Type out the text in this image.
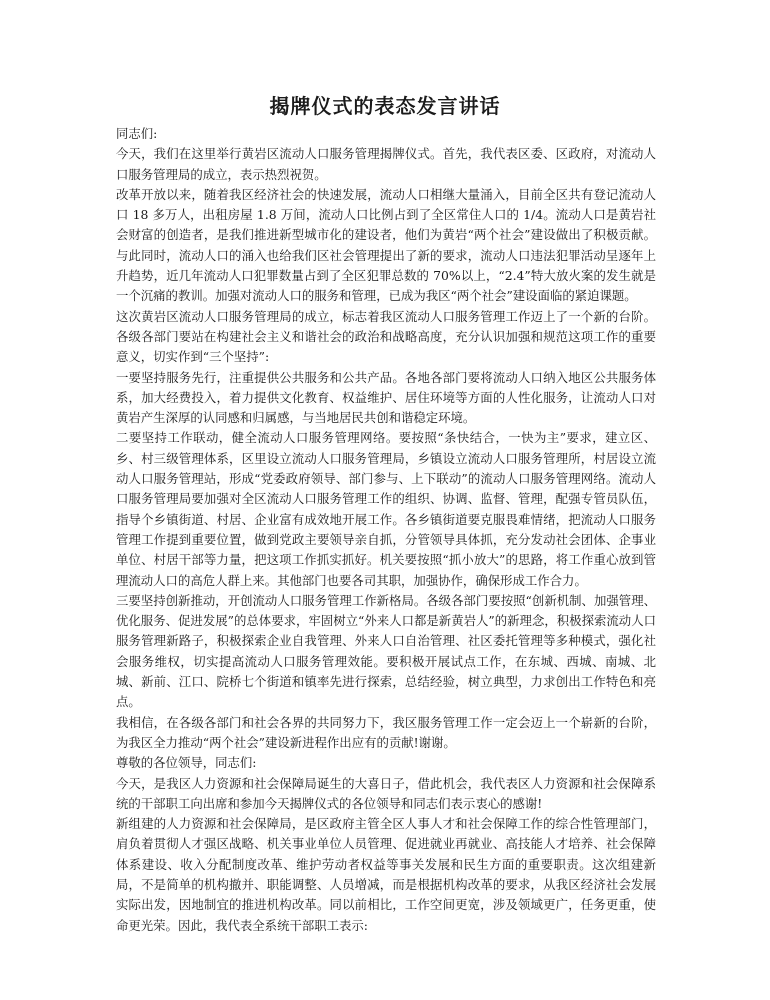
揭牌仪式的表态发言讲话

同志们:

今天，我们在这里举行黄岩区流动人口服务管理揭牌仪式。首先，我代表区委、区政府，对流动人口服务管理局的成立，表示热烈祝贺。

改革开放以来，随着我区经济社会的快速发展，流动人口相继大量涌入，目前全区共有登记流动人口 18 多万人，出租房屋 1.8 万间，流动人口比例占到了全区常住人口的 1/4。流动人口是黄岩社会财富的创造者，是我们推进新型城市化的建设者，他们为黄岩“两个社会”建设做出了积极贡献。与此同时，流动人口的涌入也给我们区社会管理提出了新的要求，流动人口违法犯罪活动呈逐年上升趋势，近几年流动人口犯罪数量占到了全区犯罪总数的 70%以上，“2.4”特大放火案的发生就是一个沉痛的教训。加强对流动人口的服务和管理，已成为我区“两个社会”建设面临的紧迫课题。

这次黄岩区流动人口服务管理局的成立，标志着我区流动人口服务管理工作迈上了一个新的台阶。各级各部门要站在构建社会主义和谐社会的政治和战略高度，充分认识加强和规范这项工作的重要意义，切实作到“三个坚持”:

一要坚持服务先行，注重提供公共服务和公共产品。各地各部门要将流动人口纳入地区公共服务体系，加大经费投入，着力提供文化教育、权益维护、居住环境等方面的人性化服务，让流动人口对黄岩产生深厚的认同感和归属感，与当地居民共创和谐稳定环境。

二要坚持工作联动，健全流动人口服务管理网络。要按照“条快结合，一快为主”要求，建立区、乡、村三级管理体系，区里设立流动人口服务管理局，乡镇设立流动人口服务管理所，村居设立流动人口服务管理站，形成“党委政府领导、部门参与、上下联动”的流动人口服务管理网络。流动人口服务管理局要加强对全区流动人口服务管理工作的组织、协调、监督、管理，配强专管员队伍，指导个乡镇街道、村居、企业富有成效地开展工作。各乡镇街道要克服畏难情绪，把流动人口服务管理工作提到重要位置，做到党政主要领导亲自抓，分管领导具体抓，充分发动社会团体、企事业单位、村居干部等力量，把这项工作抓实抓好。机关要按照“抓小放大”的思路，将工作重心放到管理流动人口的高危人群上来。其他部门也要各司其职，加强协作，确保形成工作合力。

三要坚持创新推动，开创流动人口服务管理工作新格局。各级各部门要按照“创新机制、加强管理、优化服务、促进发展”的总体要求，牢固树立“外来人口都是新黄岩人”的新理念，积极探索流动人口服务管理新路子，积极探索企业自我管理、外来人口自治管理、社区委托管理等多种模式，强化社会服务维权，切实提高流动人口服务管理效能。要积极开展试点工作，在东城、西城、南城、北城、新前、江口、院桥七个街道和镇率先进行探索，总结经验，树立典型，力求创出工作特色和亮点。

我相信，在各级各部门和社会各界的共同努力下，我区服务管理工作一定会迈上一个崭新的台阶，为我区全力推动“两个社会”建设新进程作出应有的贡献!谢谢。

尊敬的各位领导，同志们:

今天，是我区人力资源和社会保障局诞生的大喜日子，借此机会，我代表区人力资源和社会保障系统的干部职工向出席和参加今天揭牌仪式的各位领导和同志们表示衷心的感谢!

新组建的人力资源和社会保障局，是区政府主管全区人事人才和社会保障工作的综合性管理部门，肩负着贯彻人才强区战略、机关事业单位人员管理、促进就业再就业、高技能人才培养、社会保障体系建设、收入分配制度改革、维护劳动者权益等事关发展和民生方面的重要职责。这次组建新局，不是简单的机构撤并、职能调整、人员增减，而是根据机构改革的要求，从我区经济社会发展实际出发，因地制宜的推进机构改革。同以前相比，工作空间更宽，涉及领域更广，任务更重，使命更光荣。因此，我代表全系统干部职工表示:
